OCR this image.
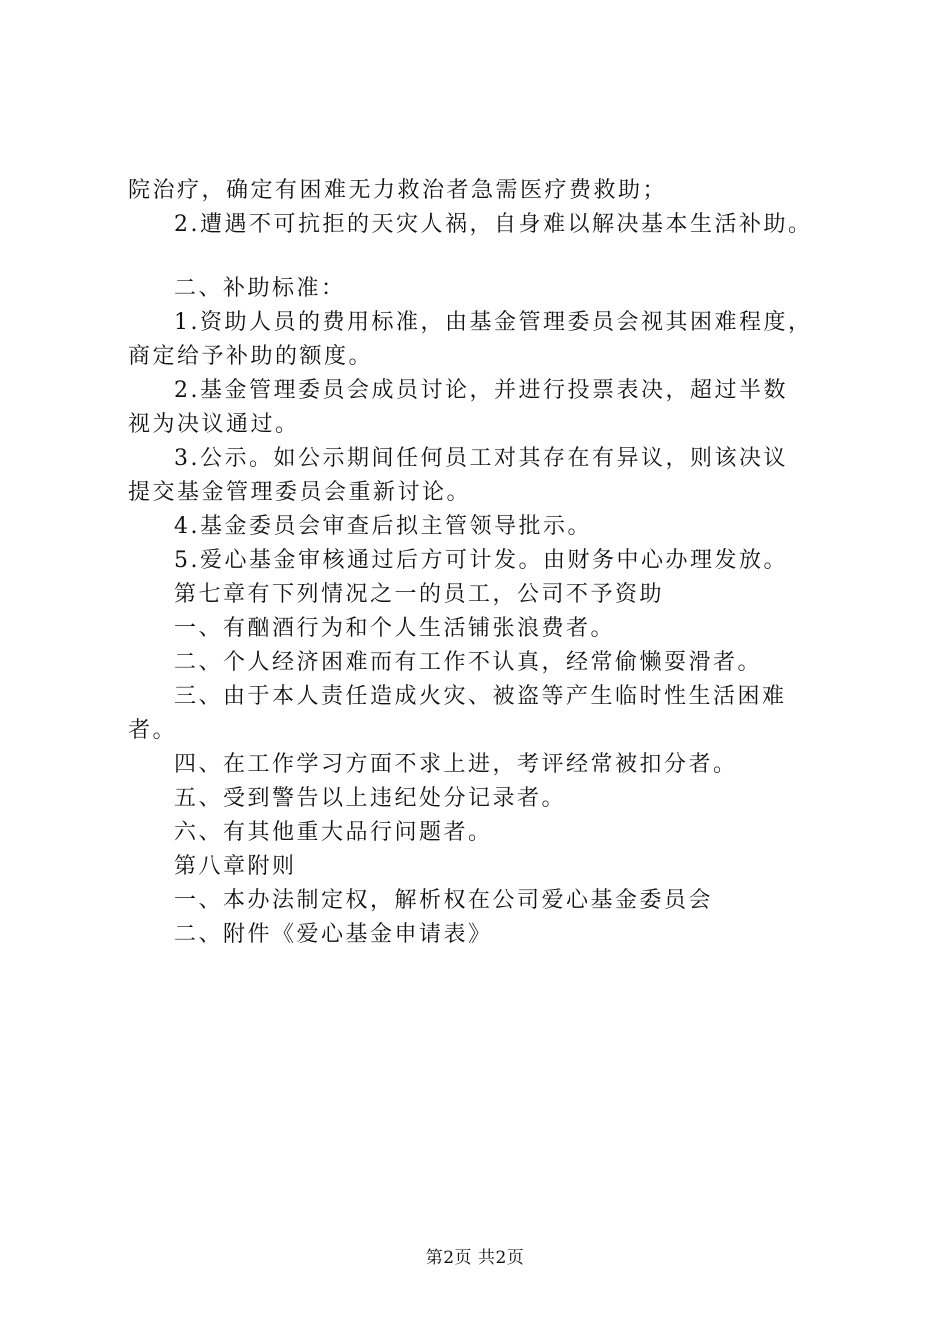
院治疗，确定有困难无力救治者急需医疗费救助；
2.遭遇不可抗拒的天灾人祸，自身难以解决基本生活补助。
二、补助标准：
1.资助人员的费用标准，由基金管理委员会视其困难程度，
商定给予补助的额度。
2.基金管理委员会成员讨论，并进行投票表决，超过半数
视为决议通过。
3.公示。如公示期间任何员工对其存在有异议，则该决议
提交基金管理委员会重新讨论。
4.基金委员会审查后拟主管领导批示。
5.爱心基金审核通过后方可计发。由财务中心办理发放。
第七章有下列情况之一的员工，公司不予资助
一、有酗酒行为和个人生活铺张浪费者。
二、个人经济困难而有工作不认真，经常偷懒耍滑者。
三、由于本人责任造成火灾、被盗等产生临时性生活困难
者。
四、在工作学习方面不求上进，考评经常被扣分者。
五、受到警告以上违纪处分记录者。
六、有其他重大品行问题者。
第八章附则
一、本办法制定权，解析权在公司爱心基金委员会
二、附件《爱心基金申请表》
第2页 共2页
